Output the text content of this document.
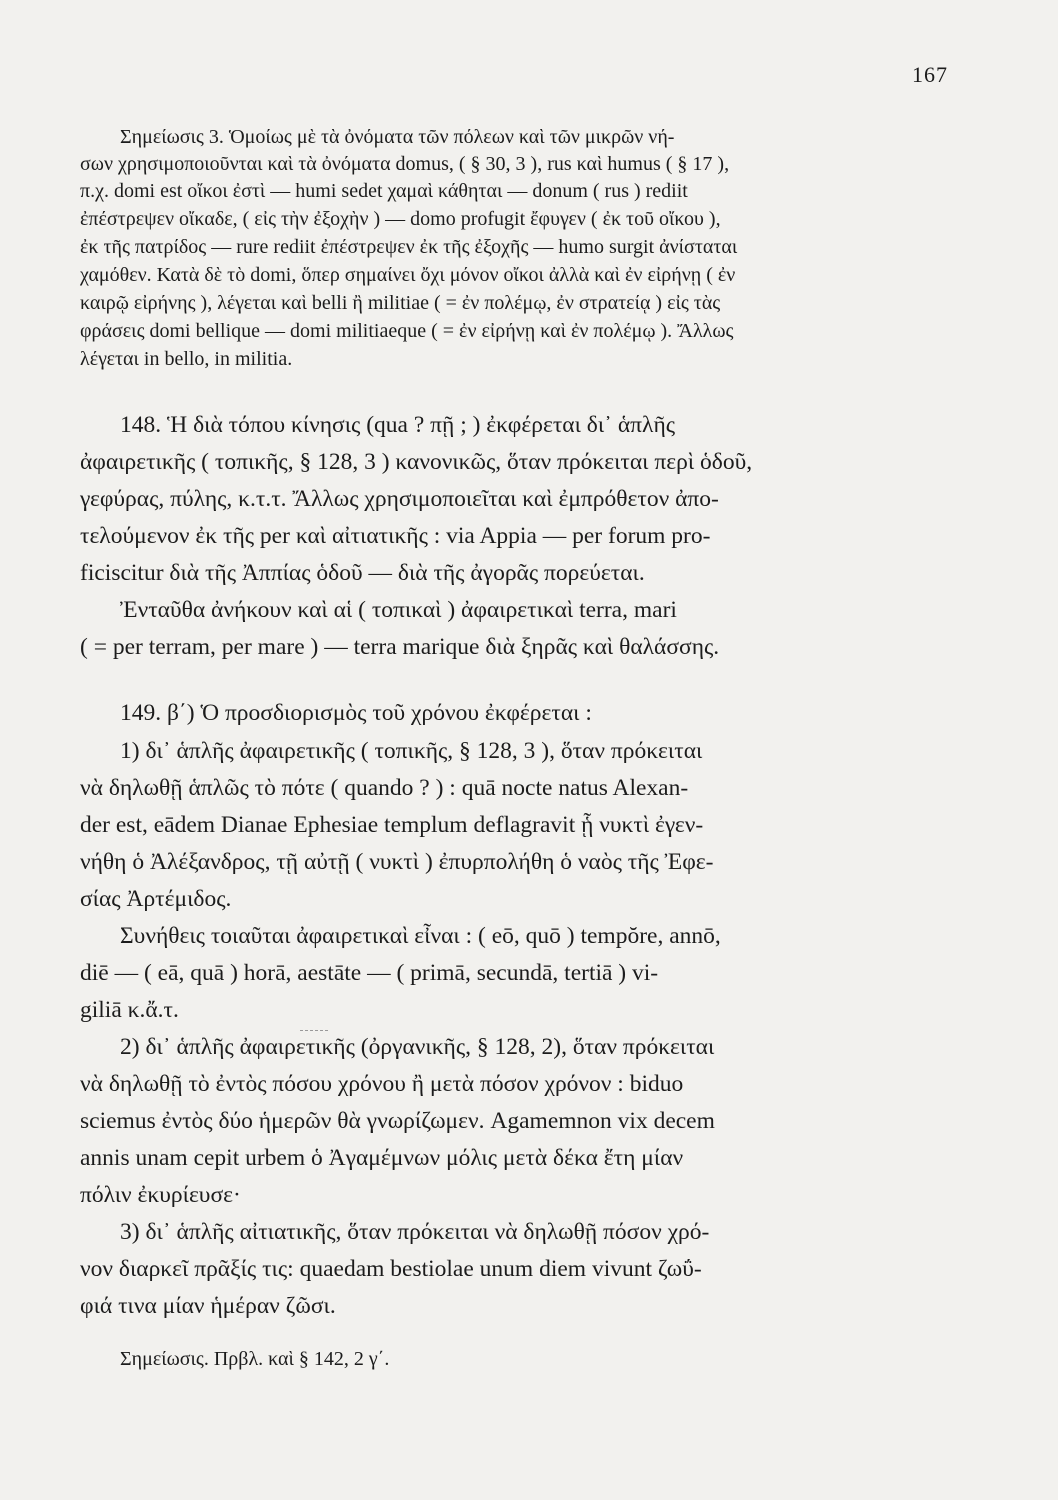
167
Σημείωσις 3. Ὁμοίως μὲ τὰ ὀνόματα τῶν πόλεων καὶ τῶν μικρῶν νή-
σων χρησιμοποιοῦνται καὶ τὰ ὀνόματα domus, ( § 30, 3 ), rus καὶ humus ( § 17 ),
π.χ. domi est οἴκοι ἐστὶ — humi sedet χαμαὶ κάθηται — donum ( rus ) rediit
ἐπέστρεψεν οἴκαδε, ( εἰς τὴν ἐξοχὴν ) — domo profugit ἔφυγεν ( ἐκ τοῦ οἴκου ),
ἐκ τῆς πατρίδος — rure rediit ἐπέστρεψεν ἐκ τῆς ἐξοχῆς — humo surgit ἀνίσταται
χαμόθεν. Κατὰ δὲ τὸ domi, ὅπερ σημαίνει ὄχι μόνον οἴκοι ἀλλὰ καὶ ἐν εἰρήνῃ ( ἐν
καιρῷ εἰρήνης ), λέγεται καὶ belli ἢ militiae ( = ἐν πολέμῳ, ἐν στρατείᾳ ) εἰς τὰς
φράσεις domi bellique — domi militiaeque ( = ἐν εἰρήνῃ καὶ ἐν πολέμῳ ). Ἄλλως
λέγεται in bello, in militia.
148. Ἡ διὰ τόπου κίνησις (qua ? πῇ ; ) ἐκφέρεται δι᾽ ἁπλῆς
ἀφαιρετικῆς ( τοπικῆς, § 128, 3 ) κανονικῶς, ὅταν πρόκειται περὶ ὁδοῦ,
γεφύρας, πύλης, κ.τ.τ. Ἄλλως χρησιμοποιεῖται καὶ ἐμπρόθετον ἀπο-
τελούμενον ἐκ τῆς per καὶ αἰτιατικῆς : via Appia — per forum pro-
ficiscitur διὰ τῆς Ἀππίας ὁδοῦ — διὰ τῆς ἀγορᾶς πορεύεται.
Ἐνταῦθα ἀνήκουν καὶ αἱ ( τοπικαὶ ) ἀφαιρετικαὶ terra, mari
( = per terram, per mare ) — terra marique διὰ ξηρᾶς καὶ θαλάσσης.
149. β΄) Ὁ προσδιορισμὸς τοῦ χρόνου ἐκφέρεται :
1) δι᾽ ἁπλῆς ἀφαιρετικῆς ( τοπικῆς, § 128, 3 ), ὅταν πρόκειται
νὰ δηλωθῇ ἁπλῶς τὸ πότε ( quando ? ) : quā nocte natus Alexan-
der est, eādem Dianae Ephesiae templum deflagravit ᾗ νυκτὶ ἐγεν-
νήθη ὁ Ἀλέξανδρος, τῇ αὐτῇ ( νυκτὶ ) ἐπυρπολήθη ὁ ναὸς τῆς Ἐφε-
σίας Ἀρτέμιδος.
Συνήθεις τοιαῦται ἀφαιρετικαὶ εἶναι : ( eō, quō ) tempŏre, annō,
diē — ( eā, quā ) horā, aestāte — ( primā, secundā, tertiā ) vi-
giliā κ.ἄ.τ.
2) δι᾽ ἁπλῆς ἀφαιρετικῆς (ὀργανικῆς, § 128, 2), ὅταν πρόκειται
νὰ δηλωθῇ τὸ ἐντὸς πόσου χρόνου ἢ μετὰ πόσον χρόνον : biduo
sciemus ἐντὸς δύο ἡμερῶν θὰ γνωρίζωμεν. Agamemnon vix decem
annis unam cepit urbem ὁ Ἀγαμέμνων μόλις μετὰ δέκα ἔτη μίαν
πόλιν ἐκυρίευσε·
3) δι᾽ ἁπλῆς αἰτιατικῆς, ὅταν πρόκειται νὰ δηλωθῇ πόσον χρό-
νον διαρκεῖ πρᾶξίς τις: quaedam bestiolae unum diem vivunt ζωΰ-
φιά τινα μίαν ἡμέραν ζῶσι.
Σημείωσις. Πρβλ. καὶ § 142, 2 γ΄.
